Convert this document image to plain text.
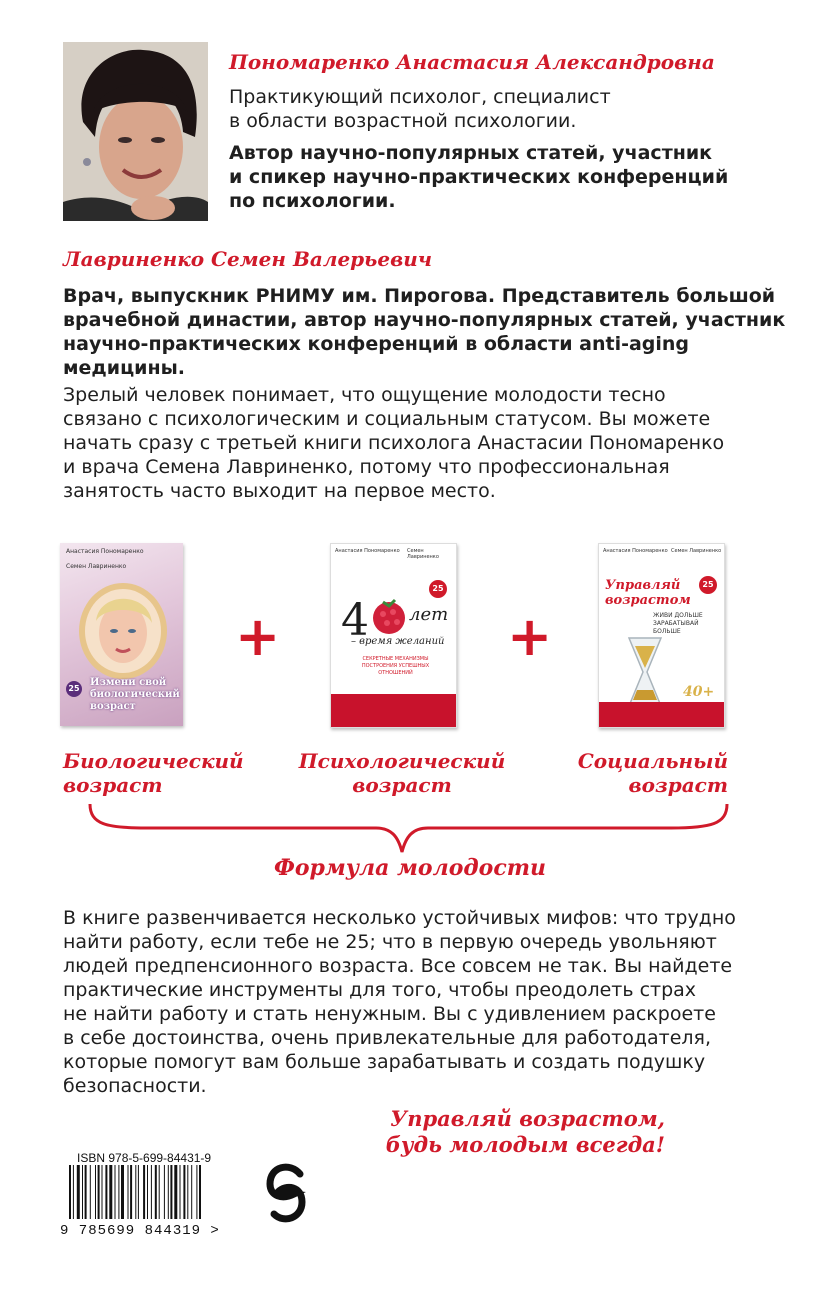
Пономаренко Анастасия Александровна
Практикующий психолог, специалист
в области возрастной психологии.
Автор научно-популярных статей, участник
и спикер научно-практических конференций
по психологии.
Лавриненко Семен Валерьевич
Врач, выпускник РНИМУ им. Пирогова. Представитель большой
врачебной династии, автор научно-популярных статей, участник
научно-практических конференций в области anti-aging медицины.
Зрелый человек понимает, что ощущение молодости тесно
связано с психологическим и социальным статусом. Вы можете
начать сразу с третьей книги психолога Анастасии Пономаренко
и врача Семена Лавриненко, потому что профессиональная
занятость часто выходит на первое место.
Анастасия Пономаренко
Семен Лавриненко
25
Измени свой
биологический
возраст
+
Анастасия Пономаренко Семен Лавриненко
25
4 лет
– время желаний
СЕКРЕТНЫЕ МЕХАНИЗМЫ
ПОСТРОЕНИЯ УСПЕШНЫХ
ОТНОШЕНИЙ
+
Анастасия Пономаренко Семен Лавриненко
25
Управляй
возрастом
ЖИВИ ДОЛЬШЕ
ЗАРАБАТЫВАЙ
БОЛЬШЕ
40+
Биологический
возраст
Психологический
возраст
Социальный
возраст
Формула молодости
В книге развенчивается несколько устойчивых мифов: что трудно
найти работу, если тебе не 25; что в первую очередь увольняют
людей предпенсионного возраста. Все совсем не так. Вы найдете
практические инструменты для того, чтобы преодолеть страх
не найти работу и стать ненужным. Вы с удивлением раскроете
в себе достоинства, очень привлекательные для работодателя,
которые помогут вам больше зарабатывать и создать подушку
безопасности.
Управляй возрастом,
будь молодым всегда!
ISBN 978-5-699-84431-9
9 785699 844319 >
